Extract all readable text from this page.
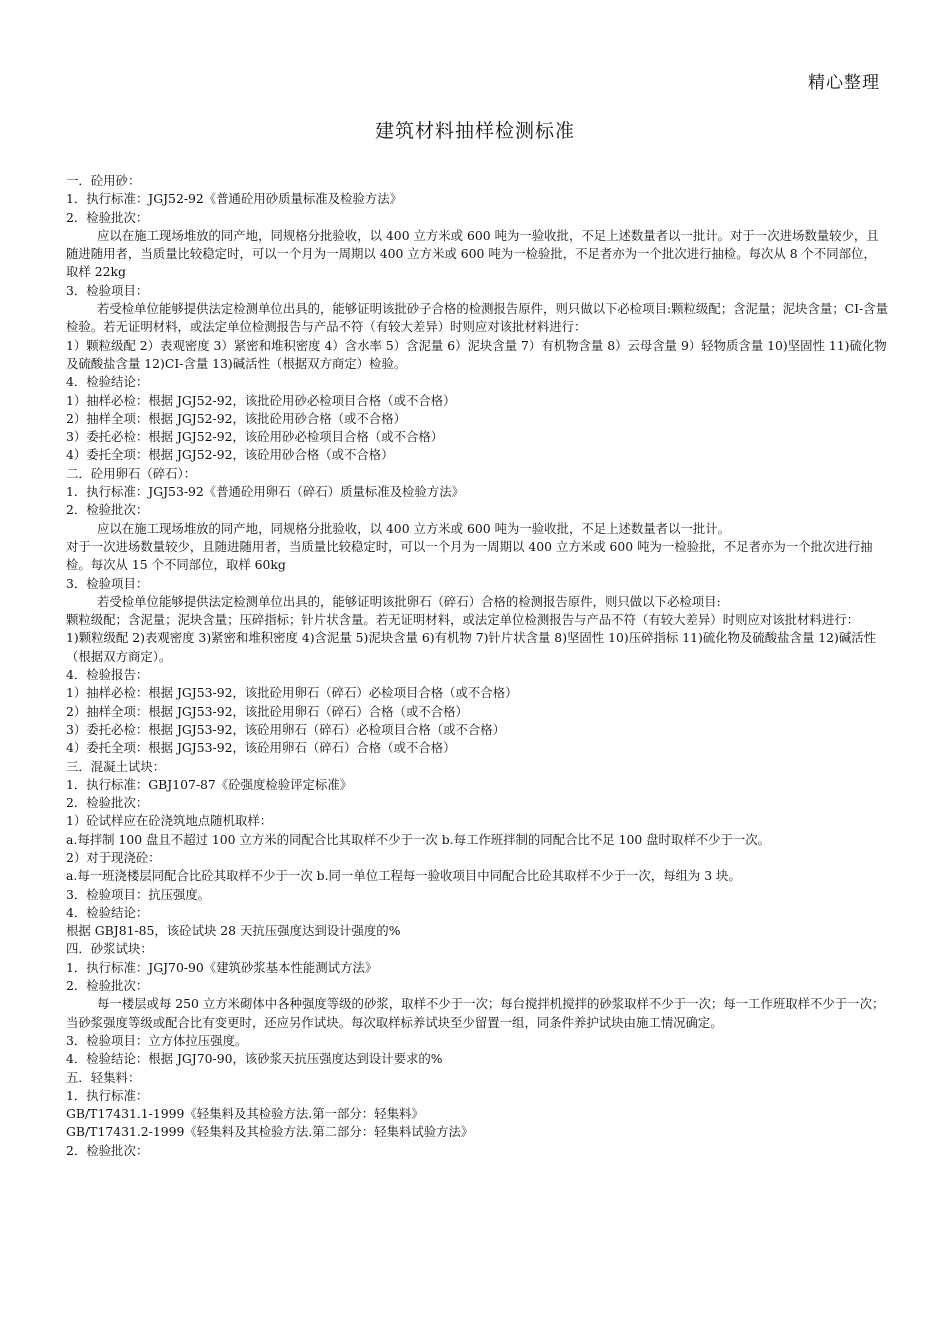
精心整理
建筑材料抽样检测标准
一．砼用砂：
1．执行标准：JGJ52-92《普通砼用砂质量标准及检验方法》
2．检验批次：
应以在施工现场堆放的同产地，同规格分批验收，以 400 立方米或 600 吨为一验收批，不足上述数量者以一批计。对于一次进场数量较少，且随进随用者，当质量比较稳定时，可以一个月为一周期以 400 立方米或 600 吨为一检验批，不足者亦为一个批次进行抽检。每次从 8 个不同部位，取样 22kg
3．检验项目：
若受检单位能够提供法定检测单位出具的，能够证明该批砂子合格的检测报告原件，则只做以下必检项目:颗粒级配；含泥量；泥块含量；CI-含量检验。若无证明材料，或法定单位检测报告与产品不符（有较大差异）时则应对该批材料进行：
1）颗粒级配 2）表观密度 3）紧密和堆积密度 4）含水率 5）含泥量 6）泥块含量 7）有机物含量 8）云母含量 9）轻物质含量 10)坚固性 11)硫化物及硫酸盐含量 12)CI-含量 13)碱活性（根据双方商定）检验。
4．检验结论：
1）抽样必检：根据 JGJ52-92，该批砼用砂必检项目合格（或不合格）
2）抽样全项：根据 JGJ52-92，该批砼用砂合格（或不合格）
3）委托必检：根据 JGJ52-92，该砼用砂必检项目合格（或不合格）
4）委托全项：根据 JGJ52-92，该砼用砂合格（或不合格）
二．砼用卵石（碎石）：
1．执行标准：JGJ53-92《普通砼用卵石（碎石）质量标准及检验方法》
2．检验批次：
应以在施工现场堆放的同产地，同规格分批验收，以 400 立方米或 600 吨为一验收批，不足上述数量者以一批计。
对于一次进场数量较少，且随进随用者，当质量比较稳定时，可以一个月为一周期以 400 立方米或 600 吨为一检验批，不足者亦为一个批次进行抽检。每次从 15 个不同部位，取样 60kg
3．检验项目：
若受检单位能够提供法定检测单位出具的，能够证明该批卵石（碎石）合格的检测报告原件，则只做以下必检项目:
颗粒级配；含泥量；泥块含量；压碎指标；针片状含量。若无证明材料，或法定单位检测报告与产品不符（有较大差异）时则应对该批材料进行：
1)颗粒级配 2)表观密度 3)紧密和堆积密度 4)含泥量 5)泥块含量 6)有机物 7)针片状含量 8)坚固性 10)压碎指标 11)硫化物及硫酸盐含量 12)碱活性（根据双方商定）。
4．检验报告：
1）抽样必检：根据 JGJ53-92，该批砼用卵石（碎石）必检项目合格（或不合格）
2）抽样全项：根据 JGJ53-92，该批砼用卵石（碎石）合格（或不合格）
3）委托必检：根据 JGJ53-92，该砼用卵石（碎石）必检项目合格（或不合格）
4）委托全项：根据 JGJ53-92，该砼用卵石（碎石）合格（或不合格）
三．混凝土试块：
1．执行标准：GBJ107-87《砼强度检验评定标准》
2．检验批次：
1）砼试样应在砼浇筑地点随机取样：
a.每拌制 100 盘且不超过 100 立方米的同配合比其取样不少于一次 b.每工作班拌制的同配合比不足 100 盘时取样不少于一次。
2）对于现浇砼：
a.每一班浇楼层同配合比砼其取样不少于一次 b.同一单位工程每一验收项目中同配合比砼其取样不少于一次，每组为 3 块。
3．检验项目：抗压强度。
4．检验结论：
根据 GBJ81-85，该砼试块 28 天抗压强度达到设计强度的%
四．砂浆试块：
1．执行标准：JGJ70-90《建筑砂浆基本性能测试方法》
2．检验批次：
每一楼层或每 250 立方米砌体中各种强度等级的砂浆，取样不少于一次；每台搅拌机搅拌的砂浆取样不少于一次；每一工作班取样不少于一次；当砂浆强度等级或配合比有变更时，还应另作试块。每次取样标养试块至少留置一组，同条件养护试块由施工情况确定。
3．检验项目：立方体拉压强度。
4．检验结论：根据 JGJ70-90，该砂浆天抗压强度达到设计要求的%
五．轻集料：
1．执行标准：
GB/T17431.1-1999《轻集料及其检验方法.第一部分：轻集料》
GB/T17431.2-1999《轻集料及其检验方法.第二部分：轻集料试验方法》
2．检验批次：
